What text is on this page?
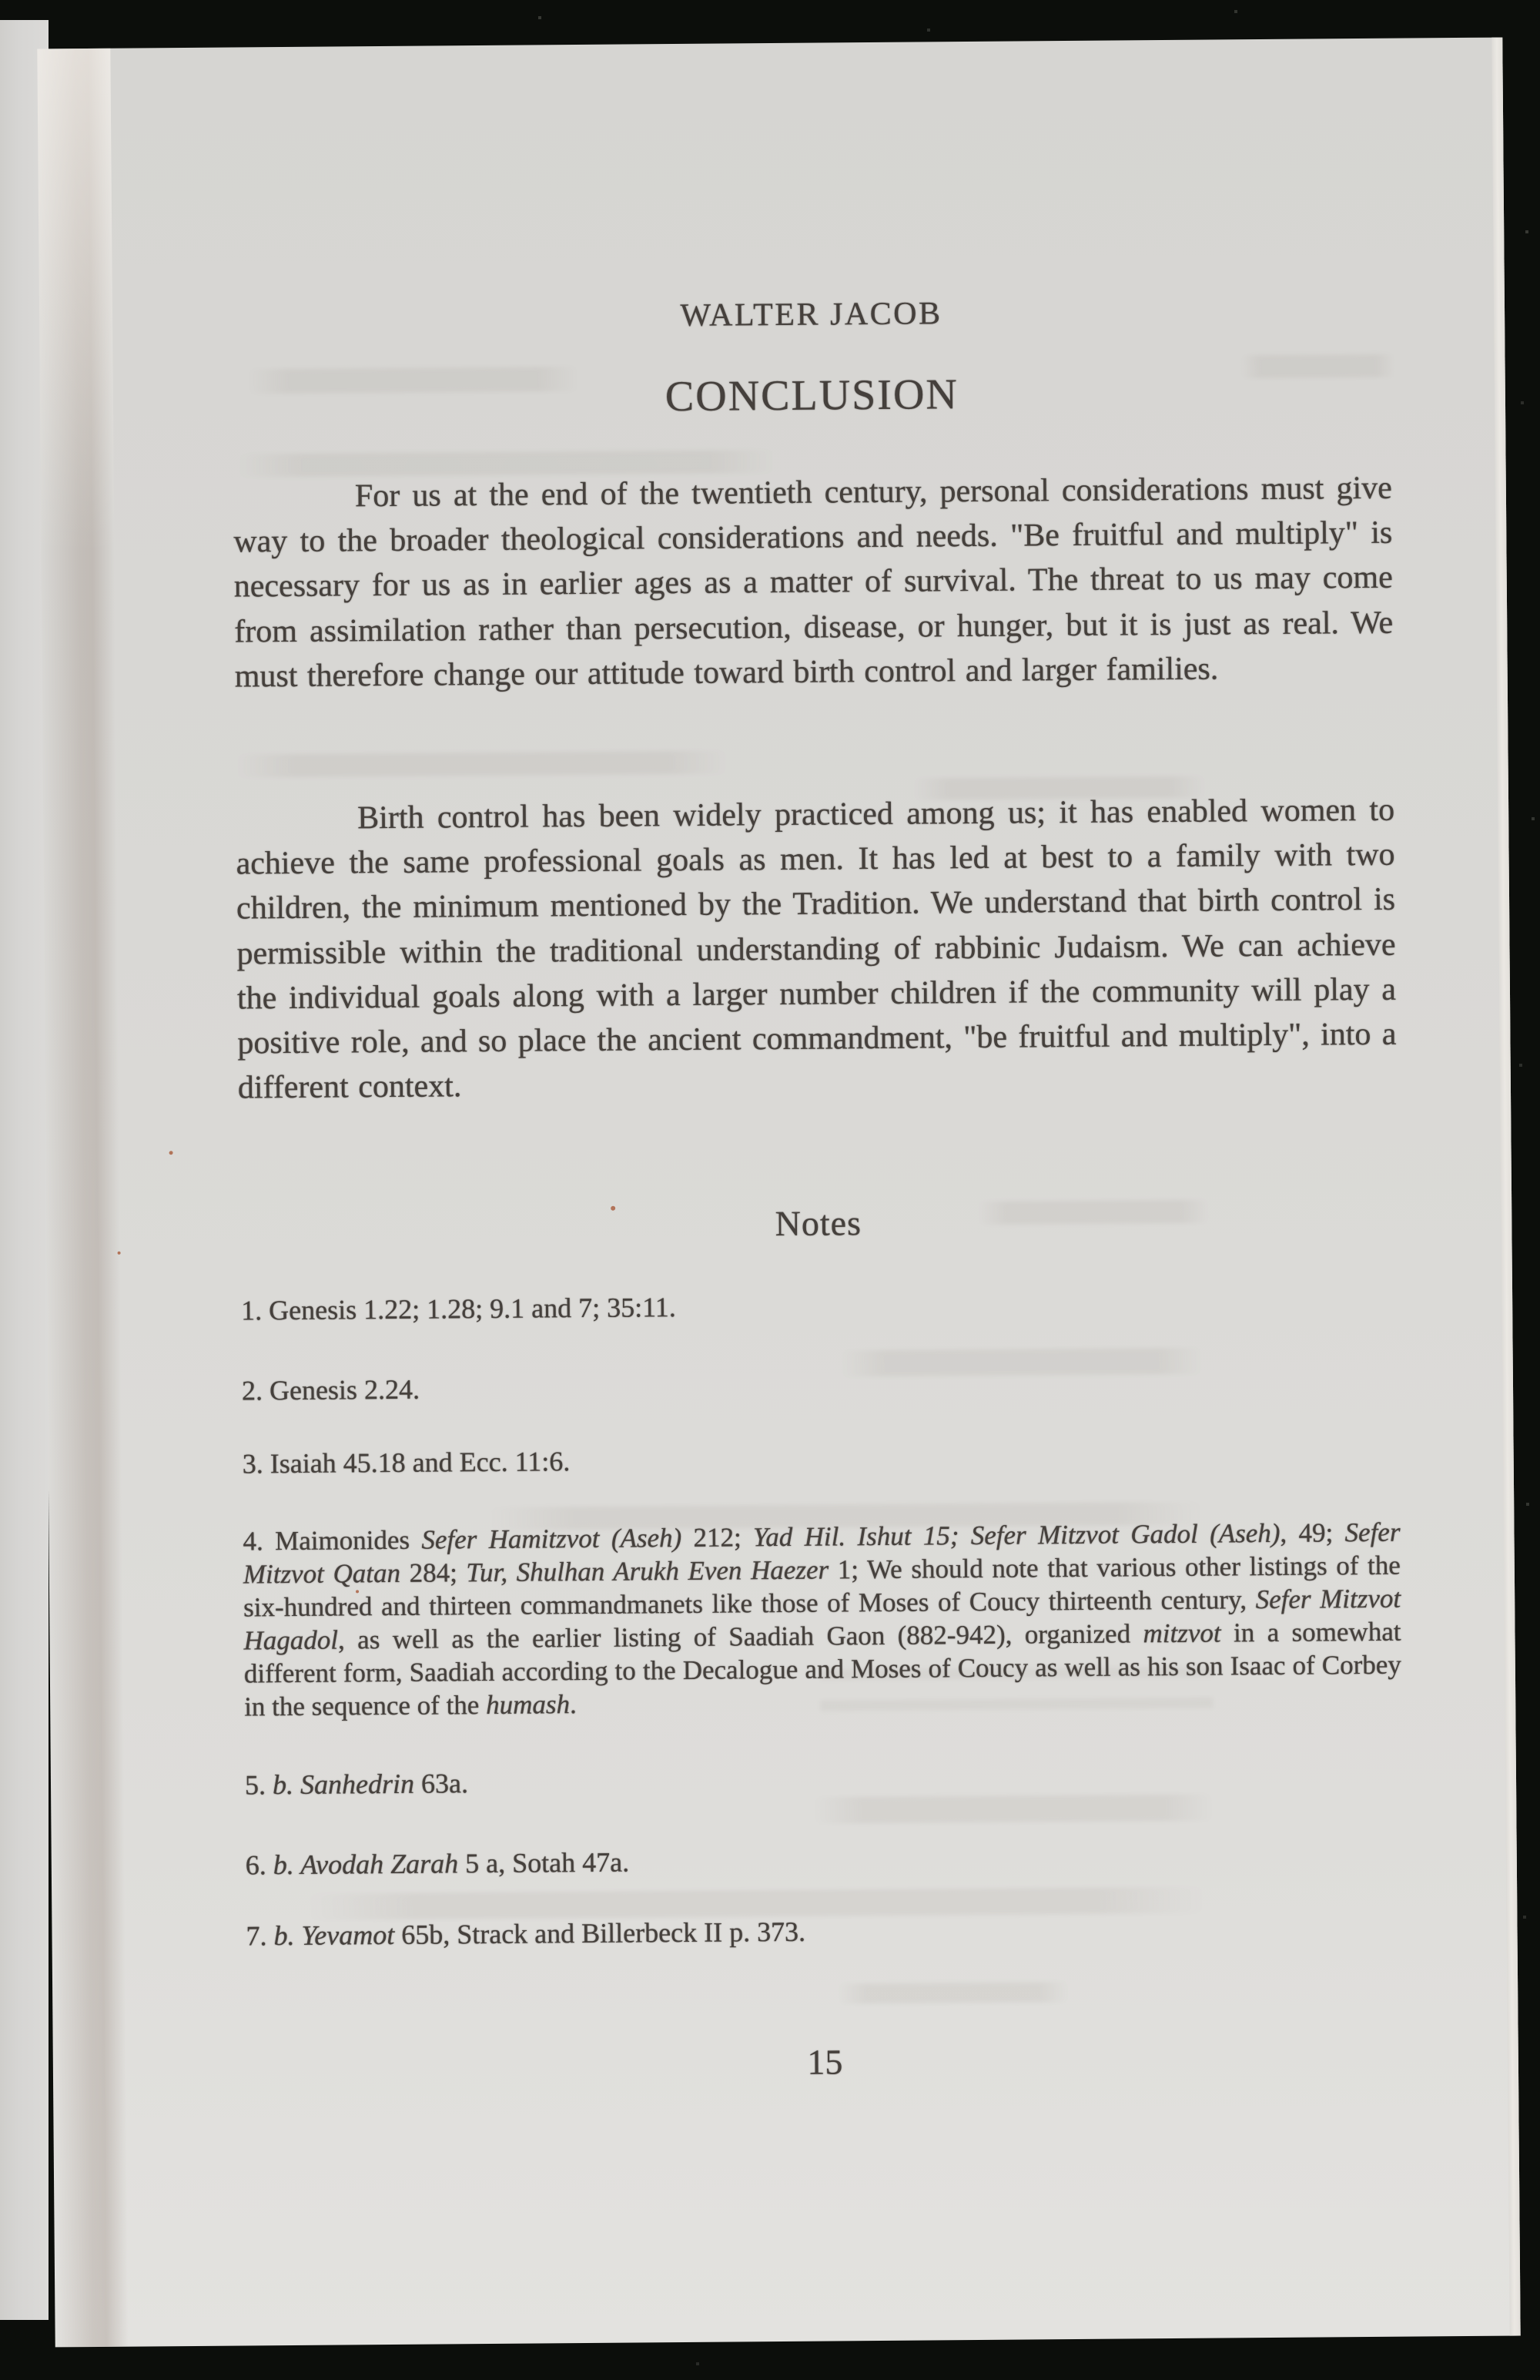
WALTER JACOB
CONCLUSION

For us at the end of the twentieth century, personal considerations must give way to the broader theological considerations and needs. "Be fruitful and multiply" is necessary for us as in earlier ages as a matter of survival. The threat to us may come from assimilation rather than persecution, disease, or hunger, but it is just as real. We must therefore change our attitude toward birth control and larger families.

Birth control has been widely practiced among us; it has enabled women to achieve the same professional goals as men. It has led at best to a family with two children, the minimum mentioned by the Tradition. We understand that birth control is permissible within the traditional understanding of rabbinic Judaism. We can achieve the individual goals along with a larger number children if the community will play a positive role, and so place the ancient commandment, "be fruitful and multiply", into a different context.

Notes
1. Genesis 1.22; 1.28; 9.1 and 7; 35:11.
2. Genesis 2.24.
3. Isaiah 45.18 and Ecc. 11:6.
4. Maimonides Sefer Hamitzvot (Aseh) 212; Yad Hil. Ishut 15; Sefer Mitzvot Gadol (Aseh), 49; Sefer Mitzvot Qatan 284; Tur, Shulhan Arukh Even Haezer 1; We should note that various other listings of the six-hundred and thirteen commandmanets like those of Moses of Coucy thirteenth century, Sefer Mitzvot Hagadol, as well as the earlier listing of Saadiah Gaon (882-942), organized mitzvot in a somewhat different form, Saadiah according to the Decalogue and Moses of Coucy as well as his son Isaac of Corbey in the sequence of the humash.
5. b. Sanhedrin 63a.
6. b. Avodah Zarah 5 a, Sotah 47a.
7. b. Yevamot 65b, Strack and Billerbeck II p. 373.
15
